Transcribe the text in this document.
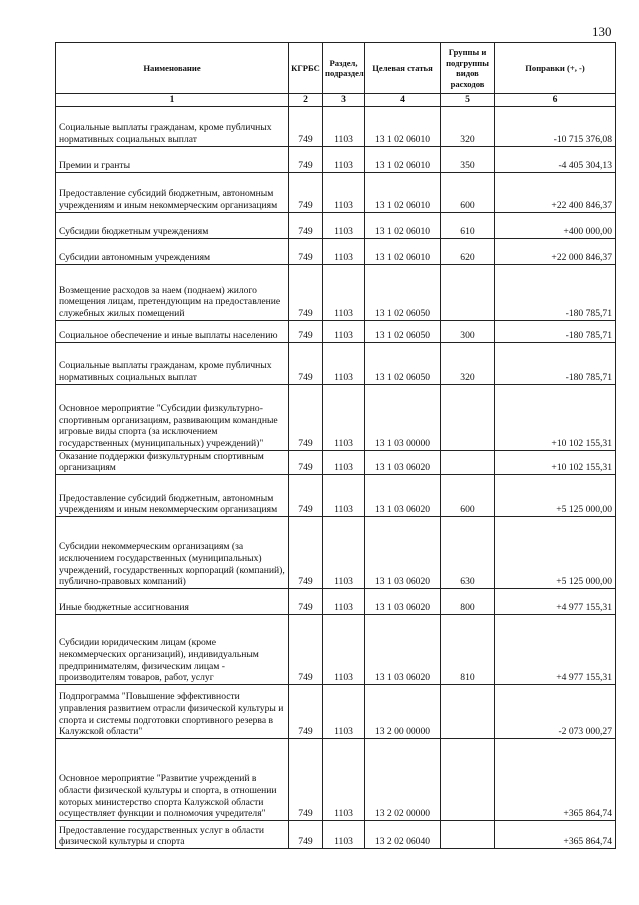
130
Наименование	КГРБС	Раздел, подраздел	Целевая статья	Группы и подгруппы видов расходов	Поправки (+, -)
1	2	3	4	5	6
Социальные выплаты гражданам, кроме публичных нормативных социальных выплат	749	1103	13 1 02 06010	320	-10 715 376,08
Премии и гранты	749	1103	13 1 02 06010	350	-4 405 304,13
Предоставление субсидий бюджетным, автономным учреждениям и иным некоммерческим организациям	749	1103	13 1 02 06010	600	+22 400 846,37
Субсидии бюджетным учреждениям	749	1103	13 1 02 06010	610	+400 000,00
Субсидии автономным учреждениям	749	1103	13 1 02 06010	620	+22 000 846,37
Возмещение расходов за наем (поднаем) жилого помещения лицам, претендующим на предоставление служебных жилых помещений	749	1103	13 1 02 06050		-180 785,71
Социальное обеспечение и иные выплаты населению	749	1103	13 1 02 06050	300	-180 785,71
Социальные выплаты гражданам, кроме публичных нормативных социальных выплат	749	1103	13 1 02 06050	320	-180 785,71
Основное мероприятие "Субсидии физкультурно-спортивным организациям, развивающим командные игровые виды спорта (за исключением государственных (муниципальных) учреждений)"	749	1103	13 1 03 00000		+10 102 155,31
Оказание поддержки физкультурным спортивным организациям	749	1103	13 1 03 06020		+10 102 155,31
Предоставление субсидий бюджетным, автономным учреждениям и иным некоммерческим организациям	749	1103	13 1 03 06020	600	+5 125 000,00
Субсидии некоммерческим организациям (за исключением государственных (муниципальных) учреждений, государственных корпораций (компаний), публично-правовых компаний)	749	1103	13 1 03 06020	630	+5 125 000,00
Иные бюджетные ассигнования	749	1103	13 1 03 06020	800	+4 977 155,31
Субсидии юридическим лицам (кроме некоммерческих организаций), индивидуальным предпринимателям, физическим лицам - производителям товаров, работ, услуг	749	1103	13 1 03 06020	810	+4 977 155,31
Подпрограмма "Повышение эффективности управления развитием отрасли физической культуры и спорта и системы подготовки спортивного резерва в Калужской области"	749	1103	13 2 00 00000		-2 073 000,27
Основное мероприятие "Развитие учреждений в области физической культуры и спорта, в отношении которых министерство спорта Калужской области осуществляет функции и полномочия учредителя"	749	1103	13 2 02 00000		+365 864,74
Предоставление государственных услуг в области физической культуры и спорта	749	1103	13 2 02 06040		+365 864,74
